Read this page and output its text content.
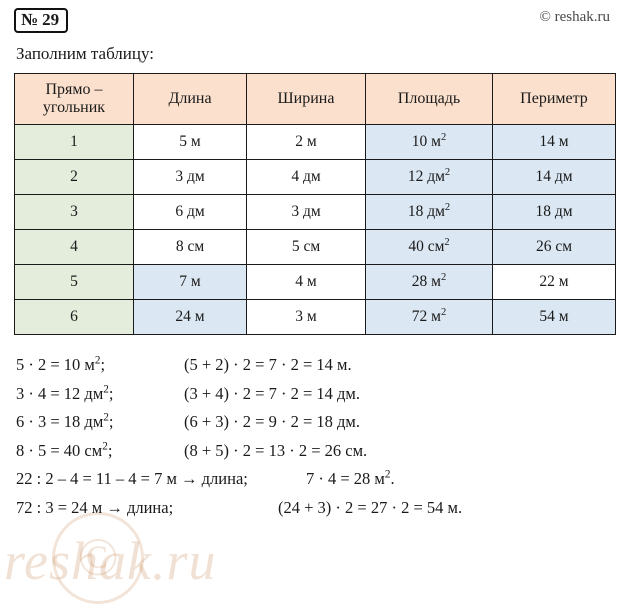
№ 29	© reshak.ru
Заполним таблицу:
Прямо –
угольник	Длина	Ширина	Площадь	Периметр
1	5 м	2 м	10 $м^2$	14 м
2	3 дм	4 дм	12 $дм^2$	14 дм
3	6 дм	3 дм	18 $дм^2$	18 дм
4	8 см	5 см	40 $см^2$	26 см
5	7 м	4 м	28 $м^2$	22 м
6	24 м	3 м	72 $м^2$	54 м
5 · 2 = 10 $м^2$;	(5 + 2) · 2 = 7 · 2 = 14 м.
3 · 4 = 12 $дм^2$;	(3 + 4) · 2 = 7 · 2 = 14 дм.
6 · 3 = 18 $дм^2$;	(6 + 3) · 2 = 9 · 2 = 18 дм.
8 · 5 = 40 $см^2$;	(8 + 5) · 2 = 13 · 2 = 26 см.
22 : 2 – 4 = 11 – 4 = 7 м → длина;	7 · 4 = 28 $м^2$.
72 : 3 = 24 м → длина;	(24 + 3) · 2 = 27 · 2 = 54 м.
reshak.ru
©
